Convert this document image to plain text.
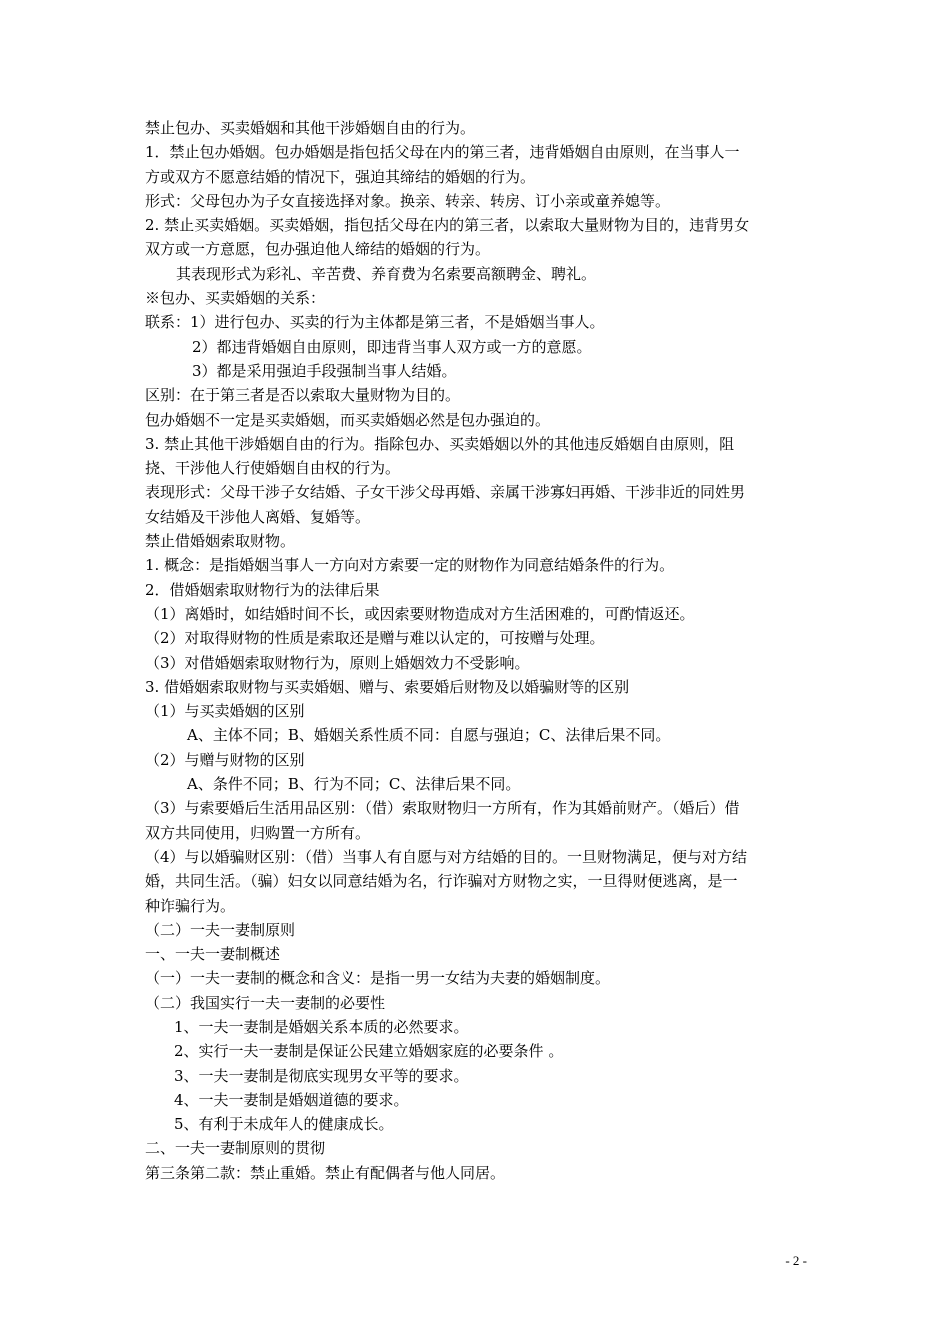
禁止包办、买卖婚姻和其他干涉婚姻自由的行为。
1．禁止包办婚姻。包办婚姻是指包括父母在内的第三者，违背婚姻自由原则，在当事人一
方或双方不愿意结婚的情况下，强迫其缔结的婚姻的行为。
形式：父母包办为子女直接选择对象。换亲、转亲、转房、订小亲或童养媳等。
2. 禁止买卖婚姻。买卖婚姻，指包括父母在内的第三者，以索取大量财物为目的，违背男女
双方或一方意愿，包办强迫他人缔结的婚姻的行为。
其表现形式为彩礼、辛苦费、养育费为名索要高额聘金、聘礼。
※包办、买卖婚姻的关系：
联系：1）进行包办、买卖的行为主体都是第三者，不是婚姻当事人。
2）都违背婚姻自由原则，即违背当事人双方或一方的意愿。
3）都是采用强迫手段强制当事人结婚。
区别：在于第三者是否以索取大量财物为目的。
包办婚姻不一定是买卖婚姻，而买卖婚姻必然是包办强迫的。
3. 禁止其他干涉婚姻自由的行为。指除包办、买卖婚姻以外的其他违反婚姻自由原则，阻
挠、干涉他人行使婚姻自由权的行为。
表现形式：父母干涉子女结婚、子女干涉父母再婚、亲属干涉寡妇再婚、干涉非近的同姓男
女结婚及干涉他人离婚、复婚等。
禁止借婚姻索取财物。
1. 概念：是指婚姻当事人一方向对方索要一定的财物作为同意结婚条件的行为。
2．借婚姻索取财物行为的法律后果
（1）离婚时，如结婚时间不长，或因索要财物造成对方生活困难的，可酌情返还。
（2）对取得财物的性质是索取还是赠与难以认定的，可按赠与处理。
（3）对借婚姻索取财物行为，原则上婚姻效力不受影响。
3. 借婚姻索取财物与买卖婚姻、赠与、索要婚后财物及以婚骗财等的区别
（1）与买卖婚姻的区别
A、主体不同；B、婚姻关系性质不同：自愿与强迫；C、法律后果不同。
（2）与赠与财物的区别
A、条件不同；B、行为不同；C、法律后果不同。
（3）与索要婚后生活用品区别：（借）索取财物归一方所有，作为其婚前财产。（婚后）借
双方共同使用，归购置一方所有。
（4）与以婚骗财区别：（借）当事人有自愿与对方结婚的目的。一旦财物满足，便与对方结
婚，共同生活。（骗）妇女以同意结婚为名，行诈骗对方财物之实，一旦得财便逃离，是一
种诈骗行为。
（二）一夫一妻制原则
一、一夫一妻制概述
（一）一夫一妻制的概念和含义：是指一男一女结为夫妻的婚姻制度。
（二）我国实行一夫一妻制的必要性
1、一夫一妻制是婚姻关系本质的必然要求。
2、实行一夫一妻制是保证公民建立婚姻家庭的必要条件 。
3、一夫一妻制是彻底实现男女平等的要求。
4、一夫一妻制是婚姻道德的要求。
5、有利于未成年人的健康成长。
二、一夫一妻制原则的贯彻
第三条第二款：禁止重婚。禁止有配偶者与他人同居。
- 2 -
